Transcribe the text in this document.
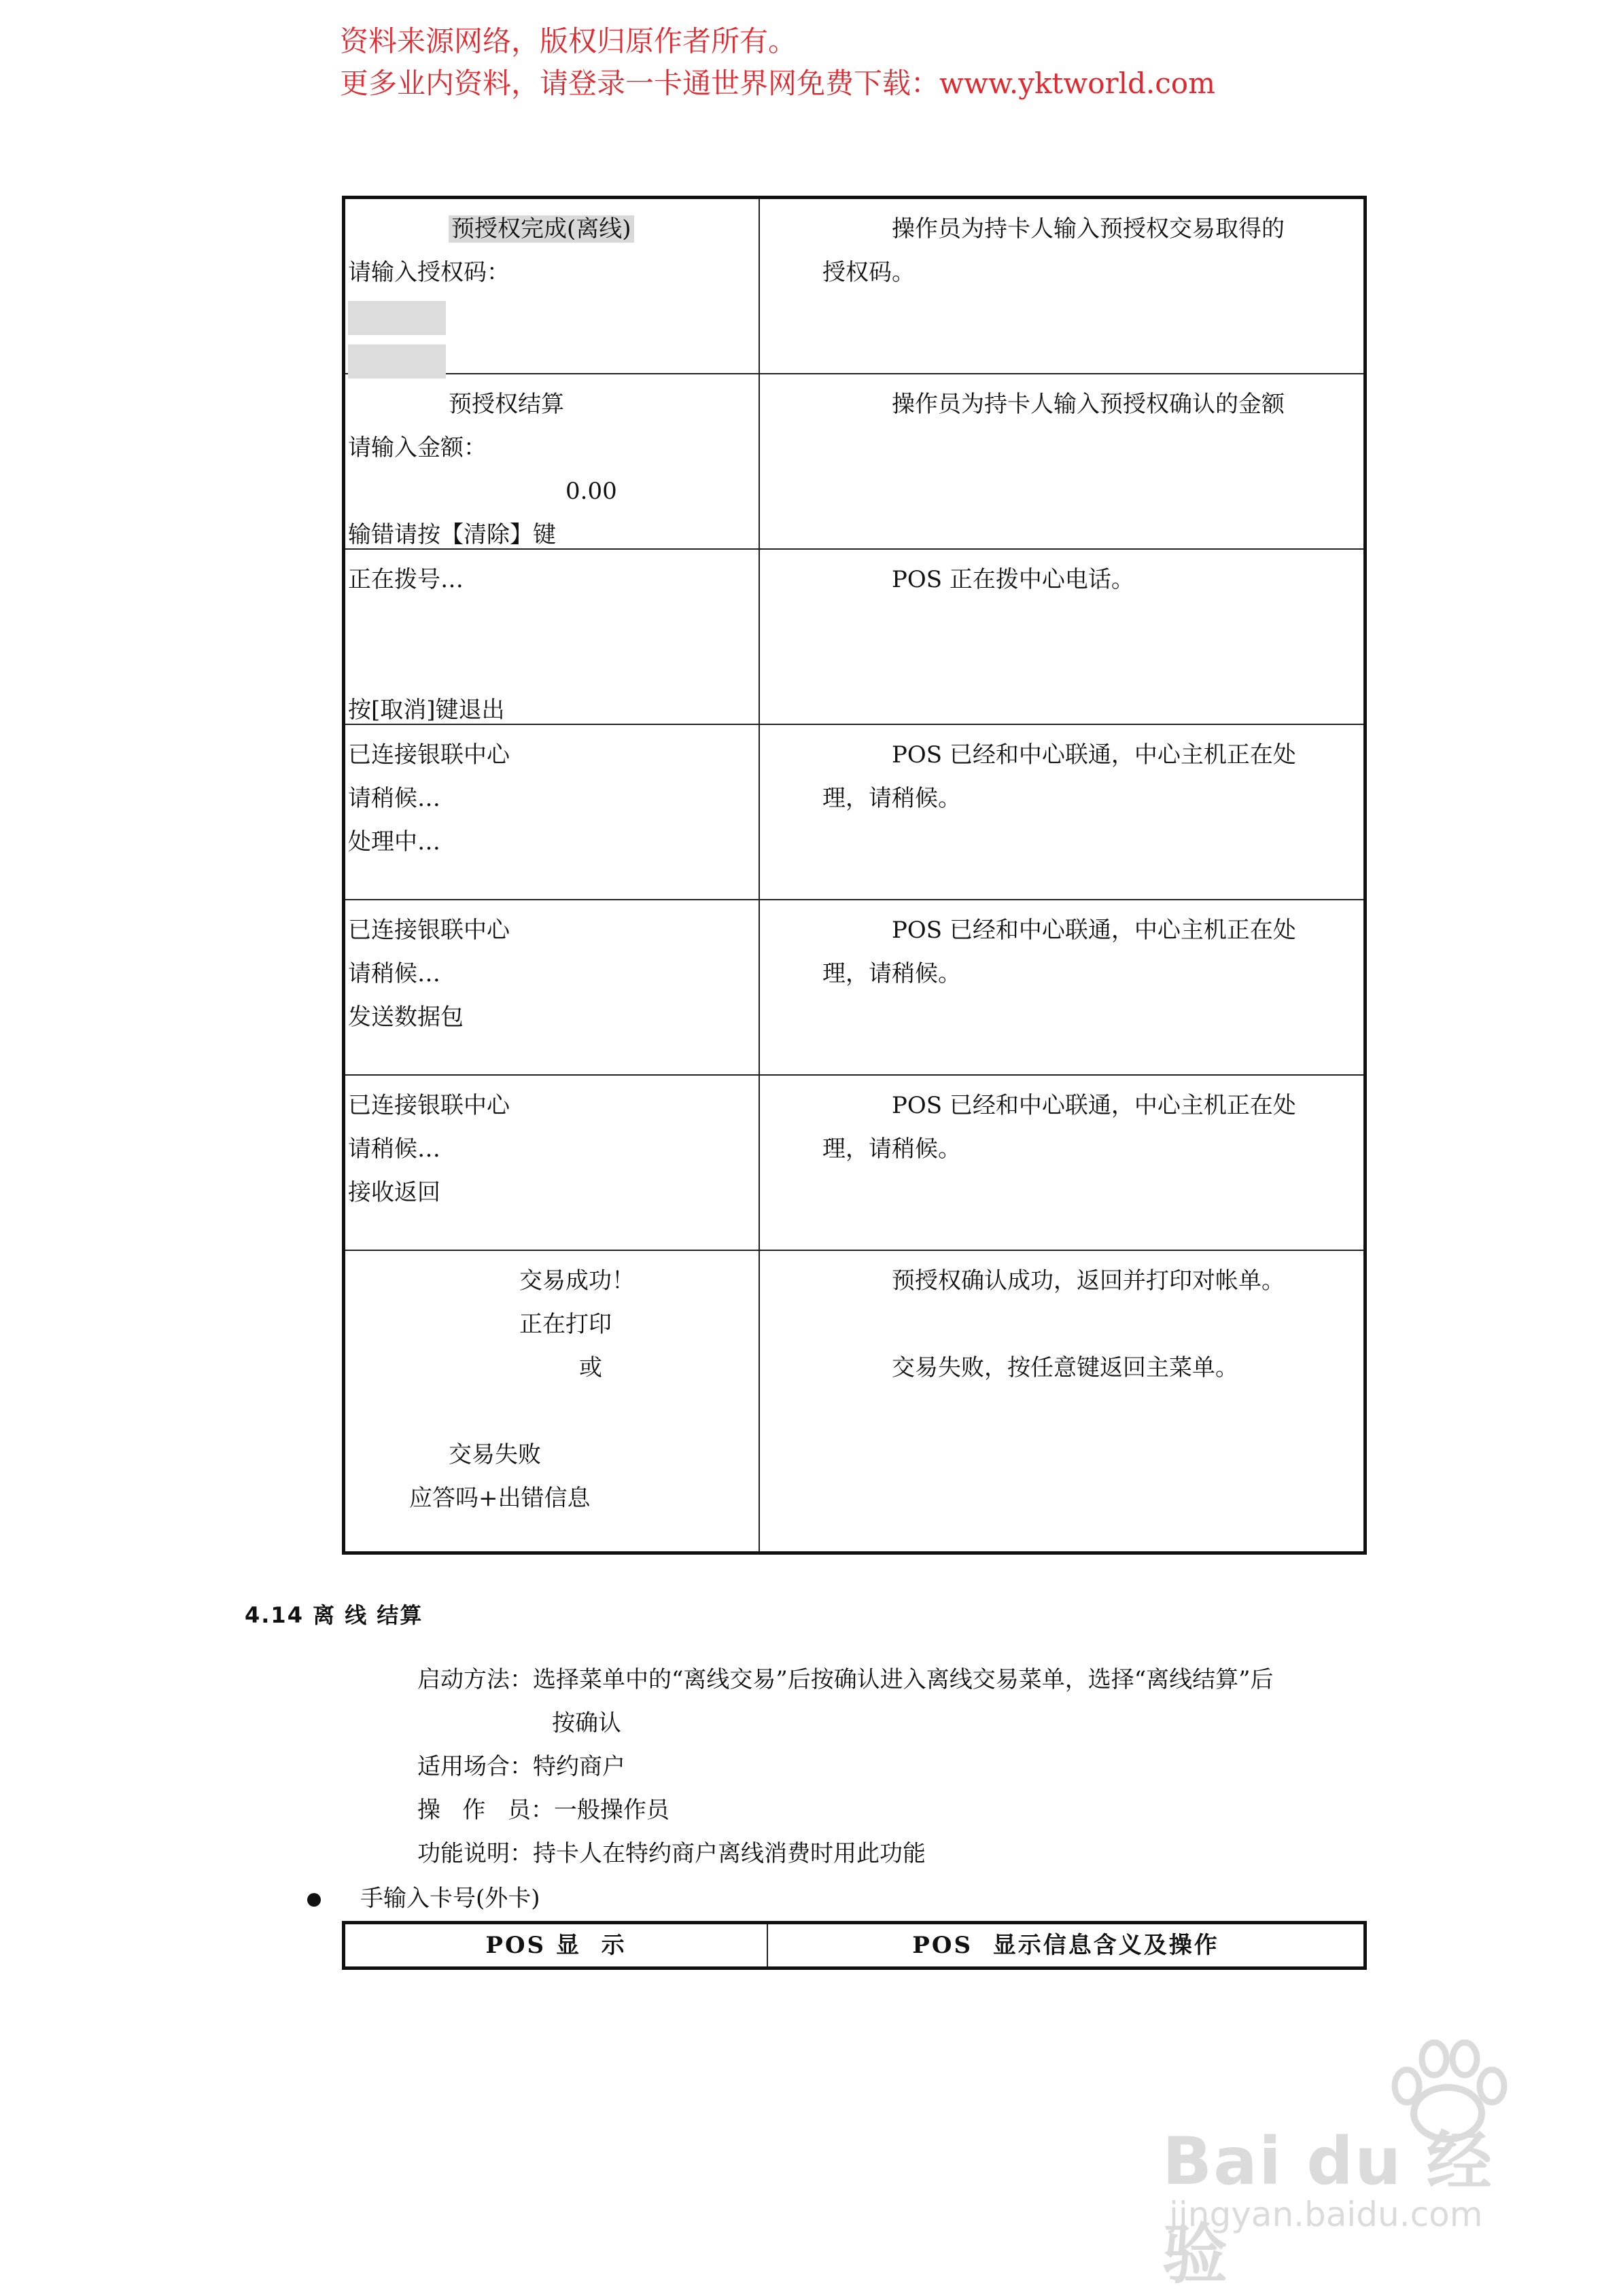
资料来源网络，版权归原作者所有。
更多业内资料，请登录一卡通世界网免费下载：www.yktworld.com
预授权完成(离线)
请输入授权码：
操作员为持卡人输入预授权交易取得的
授权码。
预授权结算
请输入金额：
0.00
输错请按【清除】键
操作员为持卡人输入预授权确认的金额
正在拨号…
按[取消]键退出
POS 正在拨中心电话。
已连接银联中心
请稍候…
处理中…
POS 已经和中心联通，中心主机正在处
理，请稍候。
已连接银联中心
请稍候…
发送数据包
POS 已经和中心联通，中心主机正在处
理，请稍候。
已连接银联中心
请稍候…
接收返回
POS 已经和中心联通，中心主机正在处
理，请稍候。
交易成功！
正在打印
或
交易失败
应答吗+出错信息
预授权确认成功，返回并打印对帐单。
交易失败，按任意键返回主菜单。
4.14 离 线 结算
启动方法：选择菜单中的“离线交易”后按确认进入离线交易菜单，选择“离线结算”后
按确认
适用场合：特约商户
操   作   员：一般操作员
功能说明：持卡人在特约商户离线消费时用此功能
手输入卡号(外卡)
POS 显  示	POS  显示信息含义及操作
Bai du 经验
jingyan.baidu.com
